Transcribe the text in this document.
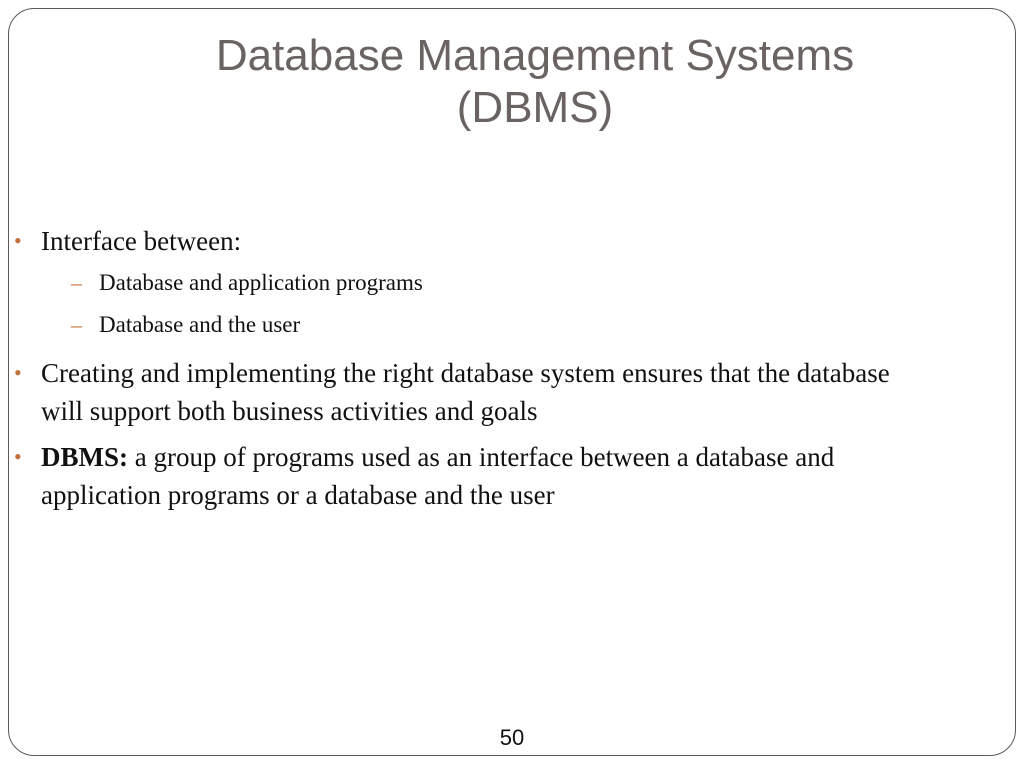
Database Management Systems
(DBMS)
• Interface between:
– Database and application programs
– Database and the user
• Creating and implementing the right database system ensures that the database will support both business activities and goals
• DBMS: a group of programs used as an interface between a database and application programs or a database and the user
50
